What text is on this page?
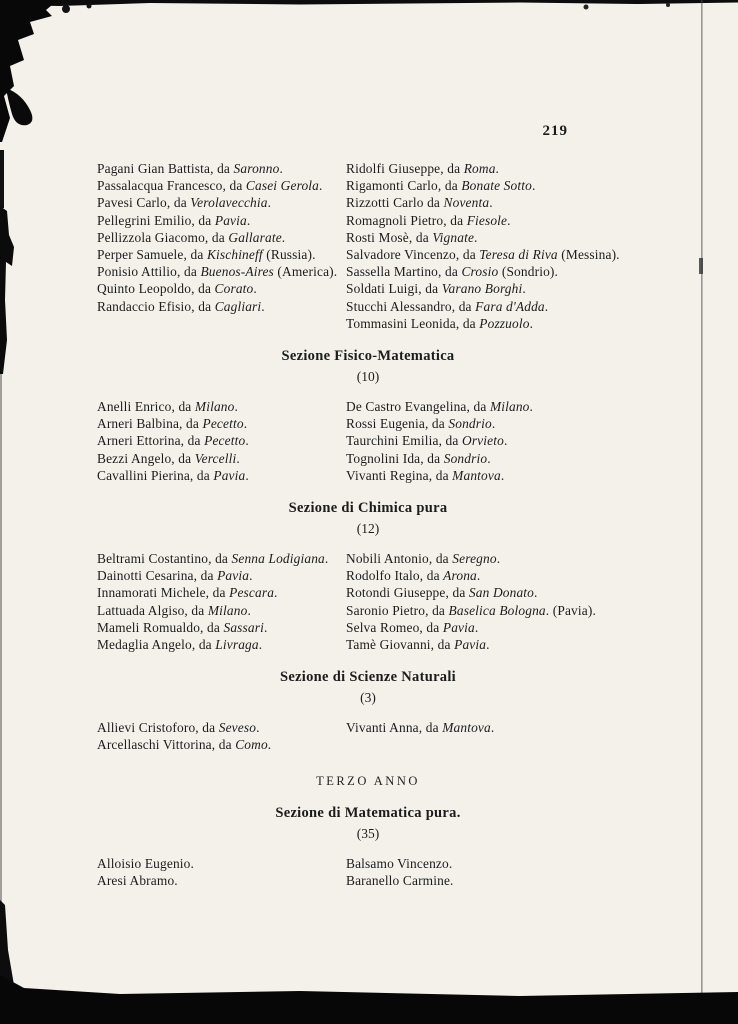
219
Pagani Gian Battista, da Saronno.
Passalacqua Francesco, da Casei Gerola.
Pavesi Carlo, da Verolavecchia.
Pellegrini Emilio, da Pavia.
Pellizzola Giacomo, da Gallarate.
Perper Samuele, da Kischineff (Russia).
Ponisio Attilio, da Buenos-Aires (America).
Quinto Leopoldo, da Corato.
Randaccio Efisio, da Cagliari.
Ridolfi Giuseppe, da Roma.
Rigamonti Carlo, da Bonate Sotto.
Rizzotti Carlo da Noventa.
Romagnoli Pietro, da Fiesole.
Rosti Mosè, da Vignate.
Salvadore Vincenzo, da Teresa di Riva (Messina).
Sassella Martino, da Crosio (Sondrio).
Soldati Luigi, da Varano Borghi.
Stucchi Alessandro, da Fara d'Adda.
Tommasini Leonida, da Pozzuolo.
Sezione Fisico-Matematica
(10)
Anelli Enrico, da Milano.
Arneri Balbina, da Pecetto.
Arneri Ettorina, da Pecetto.
Bezzi Angelo, da Vercelli.
Cavallini Pierina, da Pavia.
De Castro Evangelina, da Milano.
Rossi Eugenia, da Sondrio.
Taurchini Emilia, da Orvieto.
Tognolini Ida, da Sondrio.
Vivanti Regina, da Mantova.
Sezione di Chimica pura
(12)
Beltrami Costantino, da Senna Lodigiana.
Dainotti Cesarina, da Pavia.
Innamorati Michele, da Pescara.
Lattuada Algiso, da Milano.
Mameli Romualdo, da Sassari.
Medaglia Angelo, da Livraga.
Nobili Antonio, da Seregno.
Rodolfo Italo, da Arona.
Rotondi Giuseppe, da San Donato.
Saronio Pietro, da Baselica Bologna. (Pavia).
Selva Romeo, da Pavia.
Tamè Giovanni, da Pavia.
Sezione di Scienze Naturali
(3)
Allievi Cristoforo, da Seveso.
Arcellaschi Vittorina, da Como.
Vivanti Anna, da Mantova.
TERZO ANNO
Sezione di Matematica pura.
(35)
Alloisio Eugenio.
Aresi Abramo.
Balsamo Vincenzo.
Baranello Carmine.
